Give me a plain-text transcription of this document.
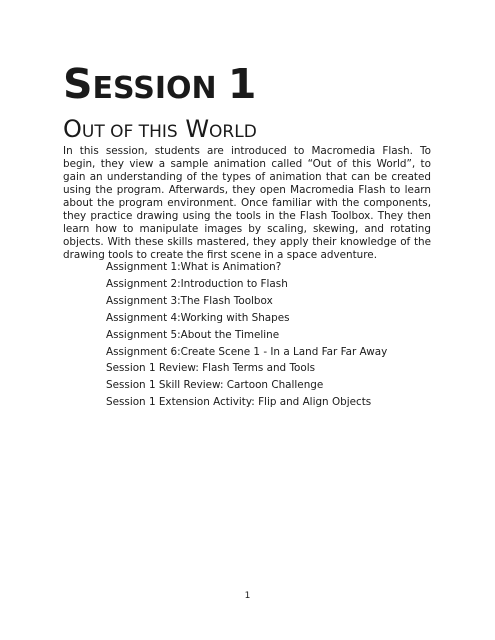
SESSION 1
OUT OF THIS WORLD

In this session, students are introduced to Macromedia Flash. To begin, they view a sample animation called “Out of this World”, to gain an understanding of the types of animation that can be created using the program. Afterwards, they open Macromedia Flash to learn about the program environment. Once familiar with the components, they practice drawing using the tools in the Flash Toolbox. They then learn how to manipulate images by scaling, skewing, and rotating objects. With these skills mastered, they apply their knowledge of the drawing tools to create the first scene in a space adventure.

Assignment 1:What is Animation?
Assignment 2:Introduction to Flash
Assignment 3:The Flash Toolbox
Assignment 4:Working with Shapes
Assignment 5:About the Timeline
Assignment 6:Create Scene 1 - In a Land Far Far Away
Session 1 Review: Flash Terms and Tools
Session 1 Skill Review: Cartoon Challenge
Session 1 Extension Activity: Flip and Align Objects
1
